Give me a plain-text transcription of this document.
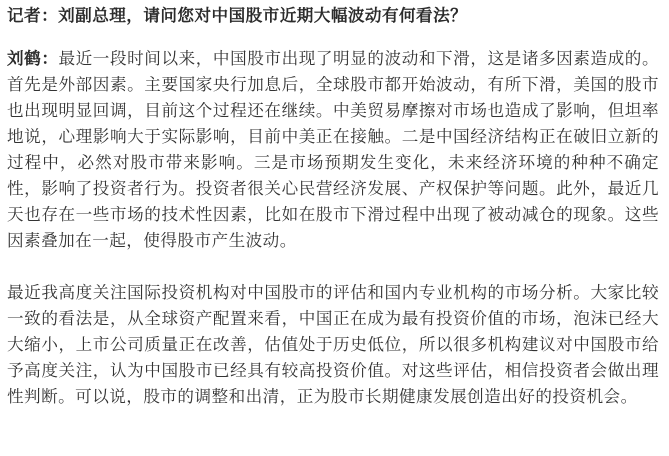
记者：刘副总理，请问您对中国股市近期大幅波动有何看法？

刘鹤：最近一段时间以来，中国股市出现了明显的波动和下滑，这是诸多因素造成的。首先是外部因素。主要国家央行加息后，全球股市都开始波动，有所下滑，美国的股市也出现明显回调，目前这个过程还在继续。中美贸易摩擦对市场也造成了影响，但坦率地说，心理影响大于实际影响，目前中美正在接触。二是中国经济结构正在破旧立新的过程中，必然对股市带来影响。三是市场预期发生变化，未来经济环境的种种不确定性，影响了投资者行为。投资者很关心民营经济发展、产权保护等问题。此外，最近几天也存在一些市场的技术性因素，比如在股市下滑过程中出现了被动减仓的现象。这些因素叠加在一起，使得股市产生波动。

最近我高度关注国际投资机构对中国股市的评估和国内专业机构的市场分析。大家比较一致的看法是，从全球资产配置来看，中国正在成为最有投资价值的市场，泡沫已经大大缩小，上市公司质量正在改善，估值处于历史低位，所以很多机构建议对中国股市给予高度关注，认为中国股市已经具有较高投资价值。对这些评估，相信投资者会做出理性判断。可以说，股市的调整和出清，正为股市长期健康发展创造出好的投资机会。
